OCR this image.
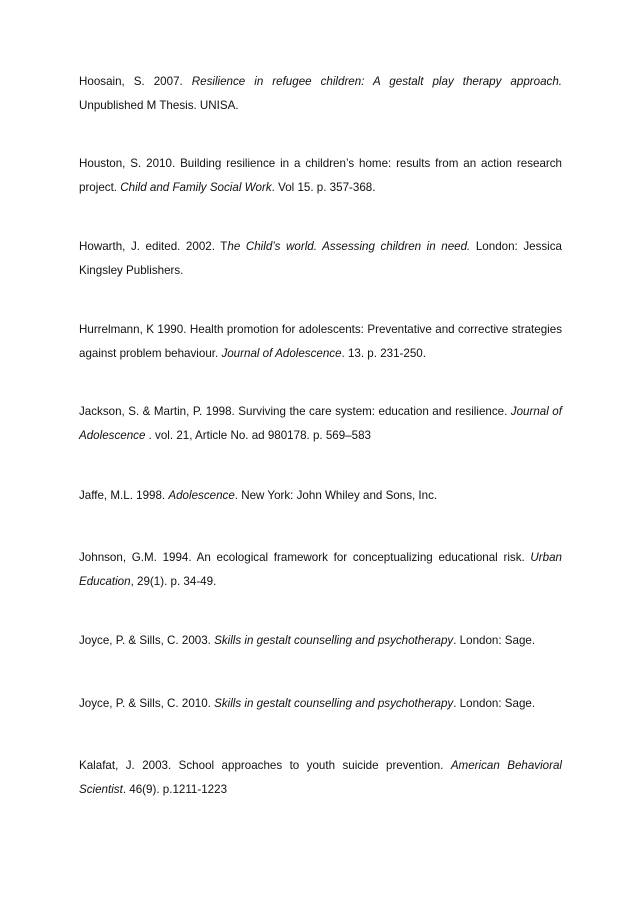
Hoosain, S. 2007. Resilience in refugee children: A gestalt play therapy approach. Unpublished M Thesis. UNISA.

Houston, S. 2010. Building resilience in a children’s home: results from an action research project. Child and Family Social Work. Vol 15. p. 357-368.

Howarth, J. edited. 2002. The Child’s world. Assessing children in need. London: Jessica Kingsley Publishers.

Hurrelmann, K 1990. Health promotion for adolescents: Preventative and corrective strategies against problem behaviour. Journal of Adolescence. 13. p. 231-250.

Jackson, S. & Martin, P. 1998. Surviving the care system: education and resilience. Journal of Adolescence . vol. 21, Article No. ad 980178. p. 569–583

Jaffe, M.L. 1998. Adolescence. New York: John Whiley and Sons, Inc.

Johnson, G.M. 1994. An ecological framework for conceptualizing educational risk. Urban Education, 29(1). p. 34-49.

Joyce, P. & Sills, C. 2003. Skills in gestalt counselling and psychotherapy. London: Sage.

Joyce, P. & Sills, C. 2010. Skills in gestalt counselling and psychotherapy. London: Sage.

Kalafat, J. 2003. School approaches to youth suicide prevention. American Behavioral Scientist. 46(9). p.1211-1223
